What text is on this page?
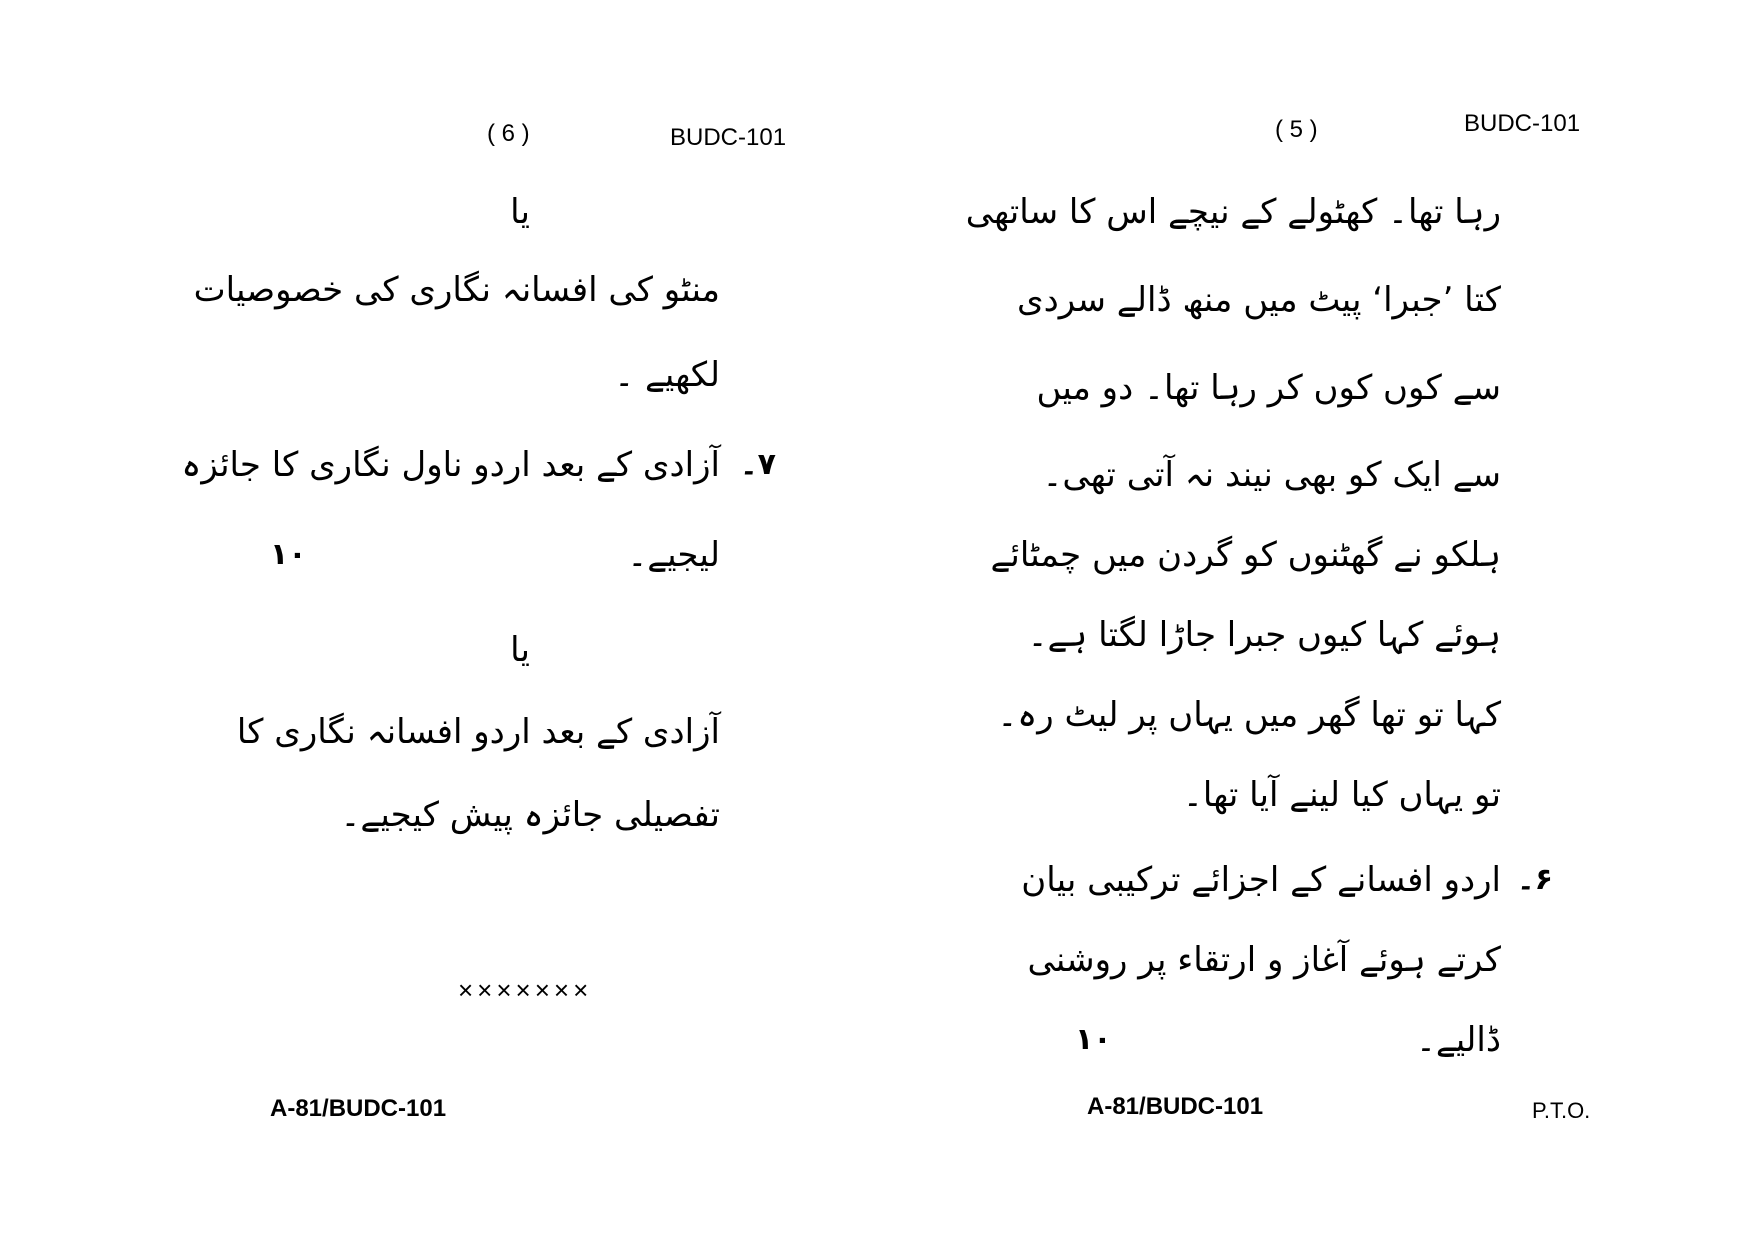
( 6 )	BUDC-101
یا
منٹو کی افسانہ نگاری کی خصوصیات
لکھیے ۔
۷۔
آزادی کے بعد اردو ناول نگاری کا جائزہ
لیجیے۔
۱۰
یا
آزادی کے بعد اردو افسانہ نگاری کا
تفصیلی جائزہ پیش کیجیے۔
×××××××
A-81/BUDC-101
( 5 )	BUDC-101
رہا تھا۔ کھٹولے کے نیچے اس کا ساتھی
کتا ’جبرا‘ پیٹ میں منھ ڈالے سردی
سے کوں کوں کر رہا تھا۔ دو میں
سے ایک کو بھی نیند نہ آتی تھی۔
ہلکو نے گھٹنوں کو گردن میں چمٹائے
ہوئے کہا کیوں جبرا جاڑا لگتا ہے۔
کہا تو تھا گھر میں یہاں پر لیٹ رہ۔
تو یہاں کیا لینے آیا تھا۔
۶۔
اردو افسانے کے اجزائے ترکیبی بیان
کرتے ہوئے آغاز و ارتقاء پر روشنی
ڈالیے۔
۱۰
A-81/BUDC-101	P.T.O.
